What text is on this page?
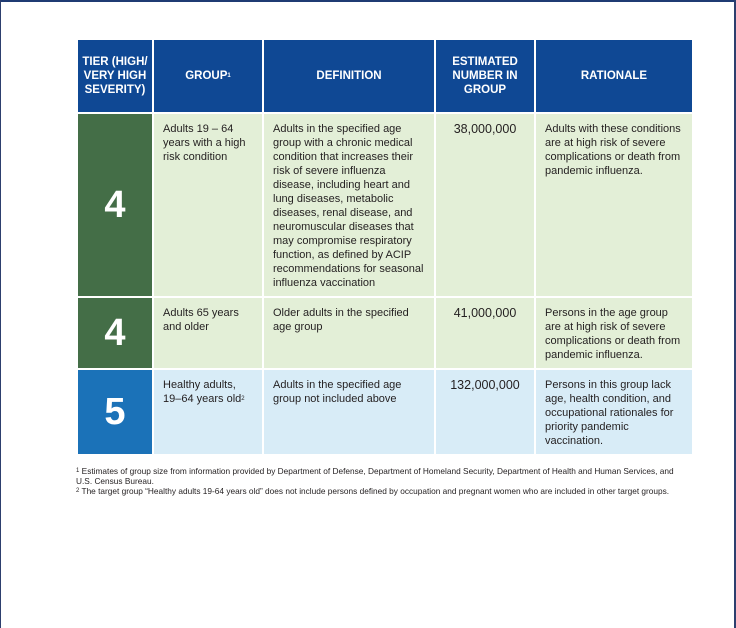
TIER (HIGH/ VERY HIGH SEVERITY)	GROUP$^1$	DEFINITION	ESTIMATED NUMBER IN GROUP	RATIONALE
4	Adults 19 – 64 years with a high risk condition	Adults in the specified age group with a chronic medical condition that increases their risk of severe influenza disease, including heart and lung diseases, metabolic diseases, renal disease, and neuromuscular diseases that may compromise respiratory function, as defined by ACIP recommendations for seasonal influenza vaccination	38,000,000	Adults with these conditions are at high risk of severe complications or death from pandemic influenza.
4	Adults 65 years and older	Older adults in the specified age group	41,000,000	Persons in the age group are at high risk of severe complications or death from pandemic influenza.
5	Healthy adults, 19–64 years old$^2$	Adults in the specified age group not included above	132,000,000	Persons in this group lack age, health condition, and occupational rationales for priority pandemic vaccination.

$^1$ Estimates of group size from information provided by Department of Defense, Department of Homeland Security, Department of Health and Human Services, and U.S. Census Bureau.

$^2$ The target group “Healthy adults 19-64 years old” does not include persons defined by occupation and pregnant women who are included in other target groups.
